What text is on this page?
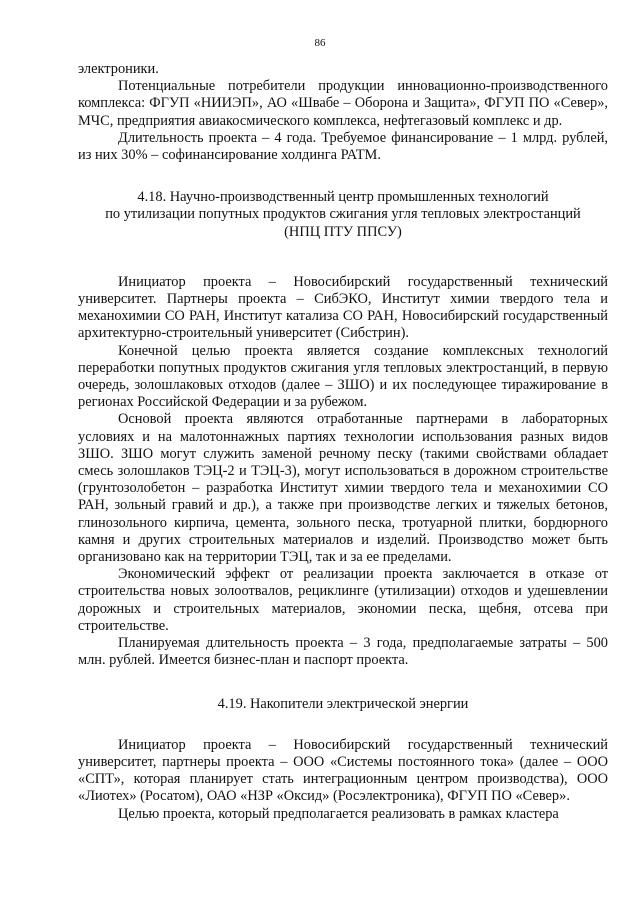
86

электроники.

Потенциальные потребители продукции инновационно-производственного комплекса: ФГУП «НИИЭП», АО «Швабе – Оборона и Защита», ФГУП ПО «Север», МЧС, предприятия авиакосмического комплекса, нефтегазовый комплекс и др.

Длительность проекта – 4 года. Требуемое финансирование – 1 млрд. рублей, из них 30% – софинансирование холдинга РАТМ.

4.18. Научно-производственный центр промышленных технологий

по утилизации попутных продуктов сжигания угля тепловых электростанций

(НПЦ ПТУ ППСУ)

Инициатор проекта – Новосибирский государственный технический университет. Партнеры проекта – СибЭКО, Институт химии твердого тела и механохимии СО РАН, Институт катализа СО РАН, Новосибирский государственный архитектурно-строительный университет (Сибстрин).

Конечной целью проекта является создание комплексных технологий переработки попутных продуктов сжигания угля тепловых электростанций, в первую очередь, золошлаковых отходов (далее – ЗШО) и их последующее тиражирование в регионах Российской Федерации и за рубежом.

Основой проекта являются отработанные партнерами в лабораторных условиях и на малотоннажных партиях технологии использования разных видов ЗШО. ЗШО могут служить заменой речному песку (такими свойствами обладает смесь золошлаков ТЭЦ-2 и ТЭЦ-3), могут использоваться в дорожном строительстве (грунтозолобетон – разработка Институт химии твердого тела и механохимии СО РАН, зольный гравий и др.), а также при производстве легких и тяжелых бетонов, глинозольного кирпича, цемента, зольного песка, тротуарной плитки, бордюрного камня и других строительных материалов и изделий. Производство может быть организовано как на территории ТЭЦ, так и за ее пределами.

Экономический эффект от реализации проекта заключается в отказе от строительства новых золоотвалов, рециклинге (утилизации) отходов и удешевлении дорожных и строительных материалов, экономии песка, щебня, отсева при строительстве.

Планируемая длительность проекта – 3 года, предполагаемые затраты – 500 млн. рублей. Имеется бизнес-план и паспорт проекта.

4.19. Накопители электрической энергии

Инициатор проекта – Новосибирский государственный технический университет, партнеры проекта – ООО «Системы постоянного тока» (далее – ООО «СПТ», которая планирует стать интеграционным центром производства), ООО «Лиотех» (Росатом), ОАО «НЗР «Оксид» (Росэлектроника), ФГУП ПО «Север».

Целью проекта, который предполагается реализовать в рамках кластера
